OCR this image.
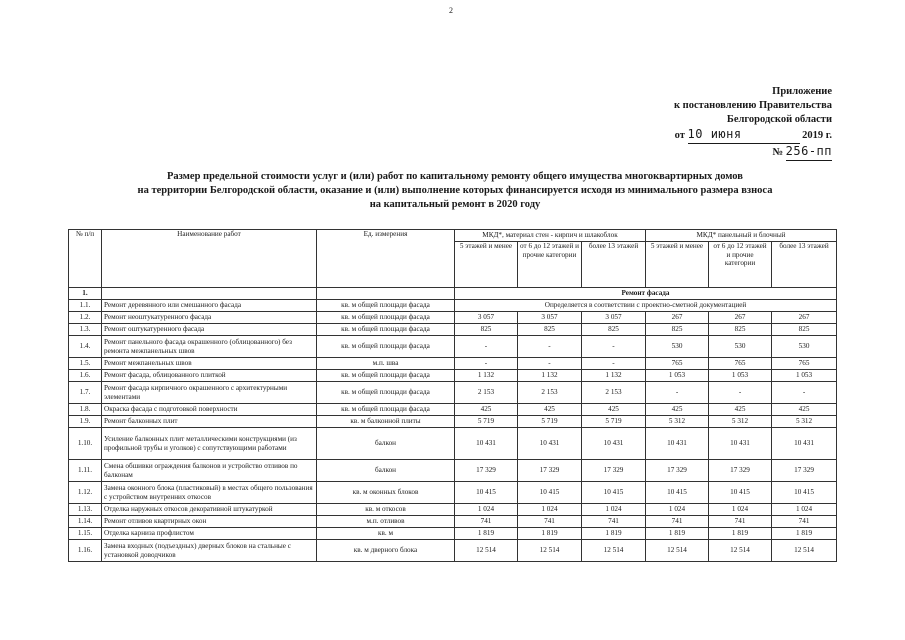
2
Приложение
к постановлению Правительства
Белгородской области
от 10 июня	2019 г.
№ 256-пп
Размер предельной стоимости услуг и (или) работ по капитальному ремонту общего имущества многоквартирных домов
на территории Белгородской области, оказание и (или) выполнение которых финансируется исходя из минимального размера взноса
на капитальный ремонт в 2020 году
№ п/п	Наименование работ	Ед. измерения	МКД*, материал стен - кирпич и шлакоблок			МКД* панельный и блочный		
			5 этажей и менее	от 6 до 12 этажей и прочие категории	более 13 этажей	5 этажей и менее	от 6 до 12 этажей и прочие категории	более 13 этажей
1.			Ремонт фасада					
1.1.	Ремонт деревянного или смешанного фасада	кв. м общей площади фасада	Определяется в соответствии с проектно-сметной документацией					
1.2.	Ремонт неоштукатуренного фасада	кв. м общей площади фасада	3 057	3 057	3 057	267	267	267
1.3.	Ремонт оштукатуренного фасада	кв. м общей площади фасада	825	825	825	825	825	825
1.4.	Ремонт панельного фасада окрашенного (облицованного) без ремонта межпанельных швов	кв. м общей площади фасада	-	-	-	530	530	530
1.5.	Ремонт межпанельных швов	м.п. шва	-	-	-	765	765	765
1.6.	Ремонт фасада, облицованного плиткой	кв. м общей площади фасада	1 132	1 132	1 132	1 053	1 053	1 053
1.7.	Ремонт фасада кирпичного окрашенного с архитектурными элементами	кв. м общей площади фасада	2 153	2 153	2 153	-	-	-
1.8.	Окраска фасада с подготовкой поверхности	кв. м общей площади фасада	425	425	425	425	425	425
1.9.	Ремонт балконных плит	кв. м балконной плиты	5 719	5 719	5 719	5 312	5 312	5 312
1.10.	Усиление балконных плит металлическими конструкциями (из профильной трубы и уголков) с сопутствующими работами	балкон	10 431	10 431	10 431	10 431	10 431	10 431
1.11.	Смена обшивки ограждения балконов и устройство отливов по балконам	балкон	17 329	17 329	17 329	17 329	17 329	17 329
1.12.	Замена оконного блока (пластиковый) в местах общего пользования с устройством внутренних откосов	кв. м оконных блоков	10 415	10 415	10 415	10 415	10 415	10 415
1.13.	Отделка наружных откосов декоративной штукатуркой	кв. м откосов	1 024	1 024	1 024	1 024	1 024	1 024
1.14.	Ремонт отливов квартирных окон	м.п. отливов	741	741	741	741	741	741
1.15.	Отделка карниза профлистом	кв. м	1 819	1 819	1 819	1 819	1 819	1 819
1.16.	Замена входных (подъездных) дверных блоков на стальные с установкой доводчиков	кв. м дверного блока	12 514	12 514	12 514	12 514	12 514	12 514
